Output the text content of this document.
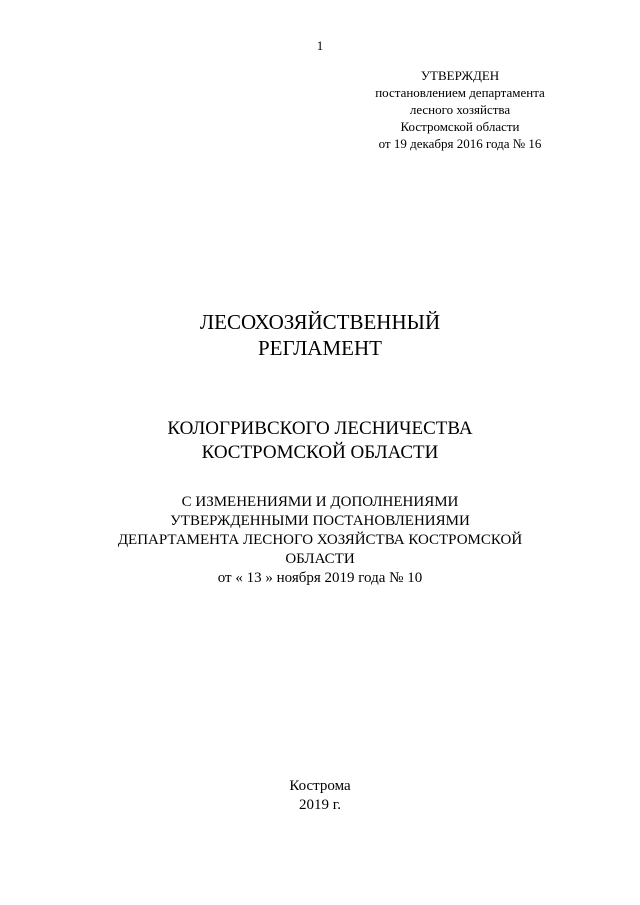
1
УТВЕРЖДЕН
постановлением департамента
лесного хозяйства
Костромской области
от 19 декабря 2016 года № 16
ЛЕСОХОЗЯЙСТВЕННЫЙ
РЕГЛАМЕНТ
КОЛОГРИВСКОГО ЛЕСНИЧЕСТВА
КОСТРОМСКОЙ ОБЛАСТИ
С ИЗМЕНЕНИЯМИ И ДОПОЛНЕНИЯМИ
УТВЕРЖДЕННЫМИ ПОСТАНОВЛЕНИЯМИ
ДЕПАРТАМЕНТА ЛЕСНОГО ХОЗЯЙСТВА КОСТРОМСКОЙ
ОБЛАСТИ
от « 13 » ноября 2019 года № 10
Кострома
2019 г.
